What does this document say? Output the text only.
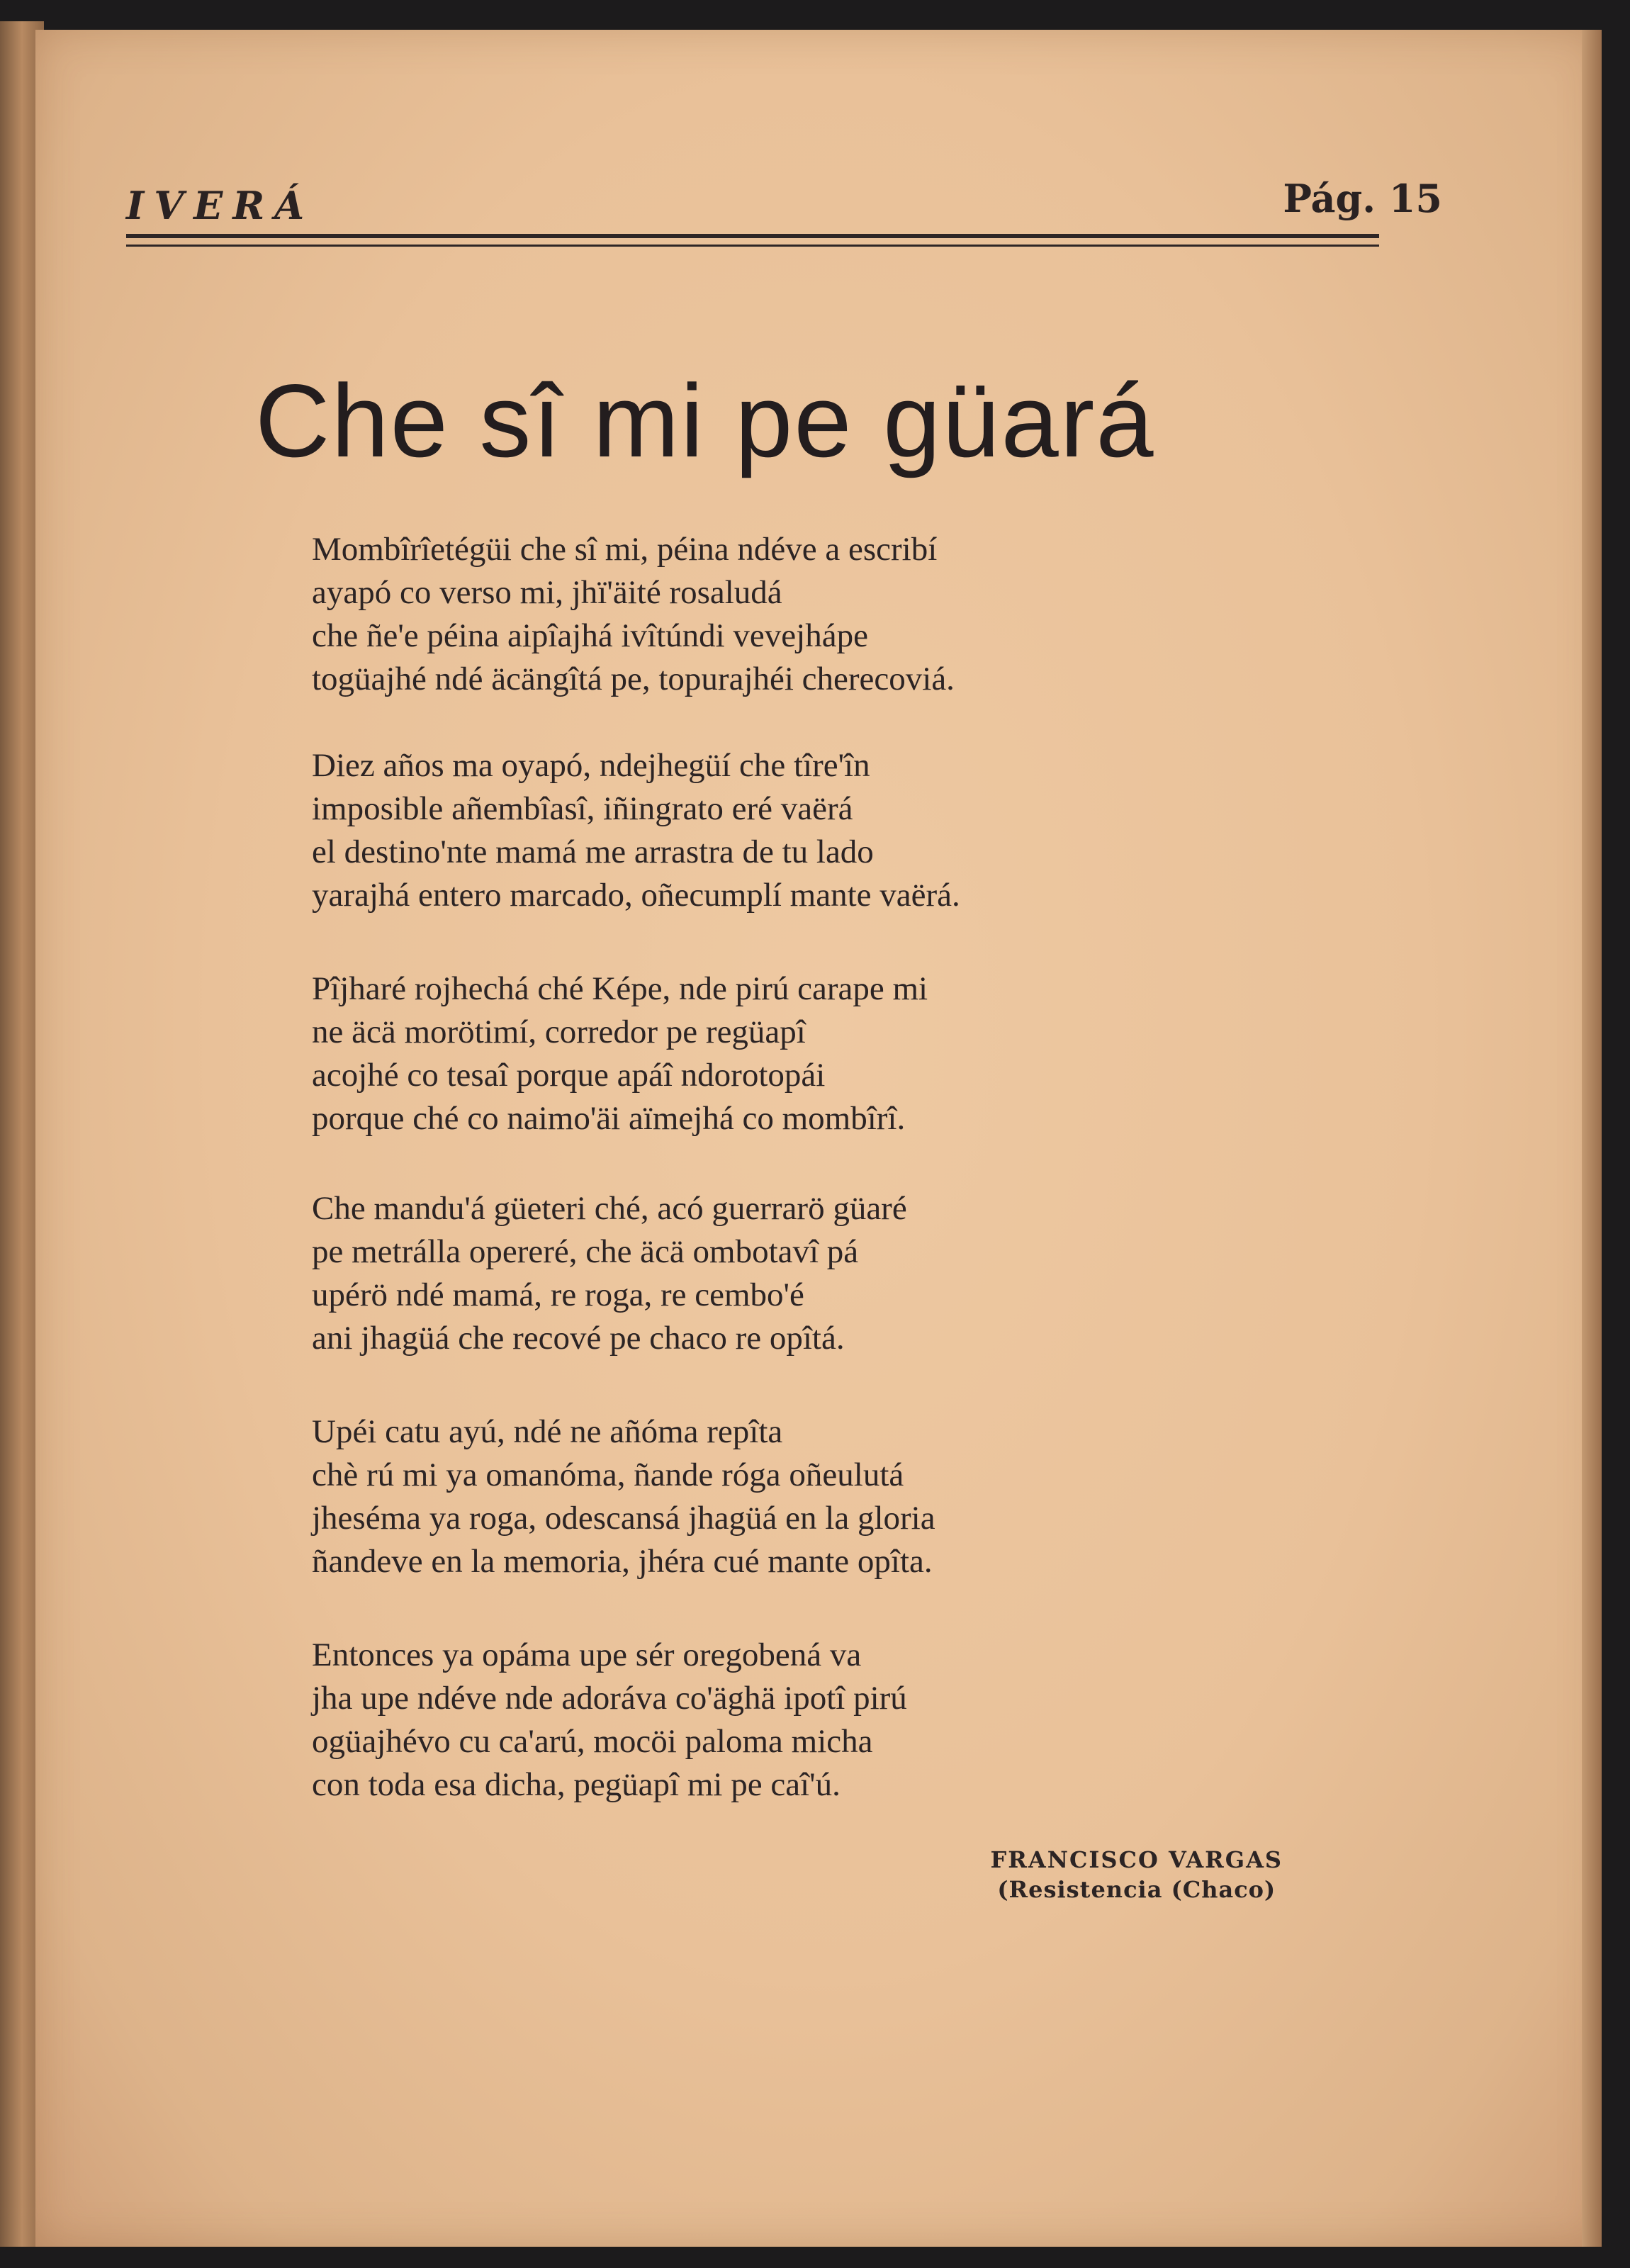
IVERÁ	Pág. 15
Che sî mi pe güará
Mombîrîetégüi che sî mi, péina ndéve a escribí
ayapó co verso mi, jhï'äité rosaludá
che ñe'e péina aipîajhá ivîtúndi vevejhápe
togüajhé ndé äcängîtá pe, topurajhéi cherecoviá.
Diez años ma oyapó, ndejhegüí che tîre'în
imposible añembîasî, iñingrato eré vaërá
el destino'nte mamá me arrastra de tu lado
yarajhá entero marcado, oñecumplí mante vaërá.
Pîjharé rojhechá ché Képe, nde pirú carape mi
ne äcä morötimí, corredor pe regüapî
acojhé co tesaî porque apáî ndorotopái
porque ché co naimo'äi aïmejhá co mombîrî.
Che mandu'á güeteri ché, acó guerrarö güaré
pe metrálla opereré, che äcä ombotavî pá
upérö ndé mamá, re roga, re cembo'é
ani jhagüá che recové pe chaco re opîtá.
Upéi catu ayú, ndé ne añóma repîta
chè rú mi ya omanóma, ñande róga oñeulutá
jheséma ya roga, odescansá jhagüá en la gloria
ñandeve en la memoria, jhéra cué mante opîta.
Entonces ya opáma upe sér oregobená va
jha upe ndéve nde adoráva co'äghä ipotî pirú
ogüajhévo cu ca'arú, mocöi paloma micha
con toda esa dicha, pegüapî mi pe caî'ú.
FRANCISCO VARGAS
(Resistencia (Chaco)
